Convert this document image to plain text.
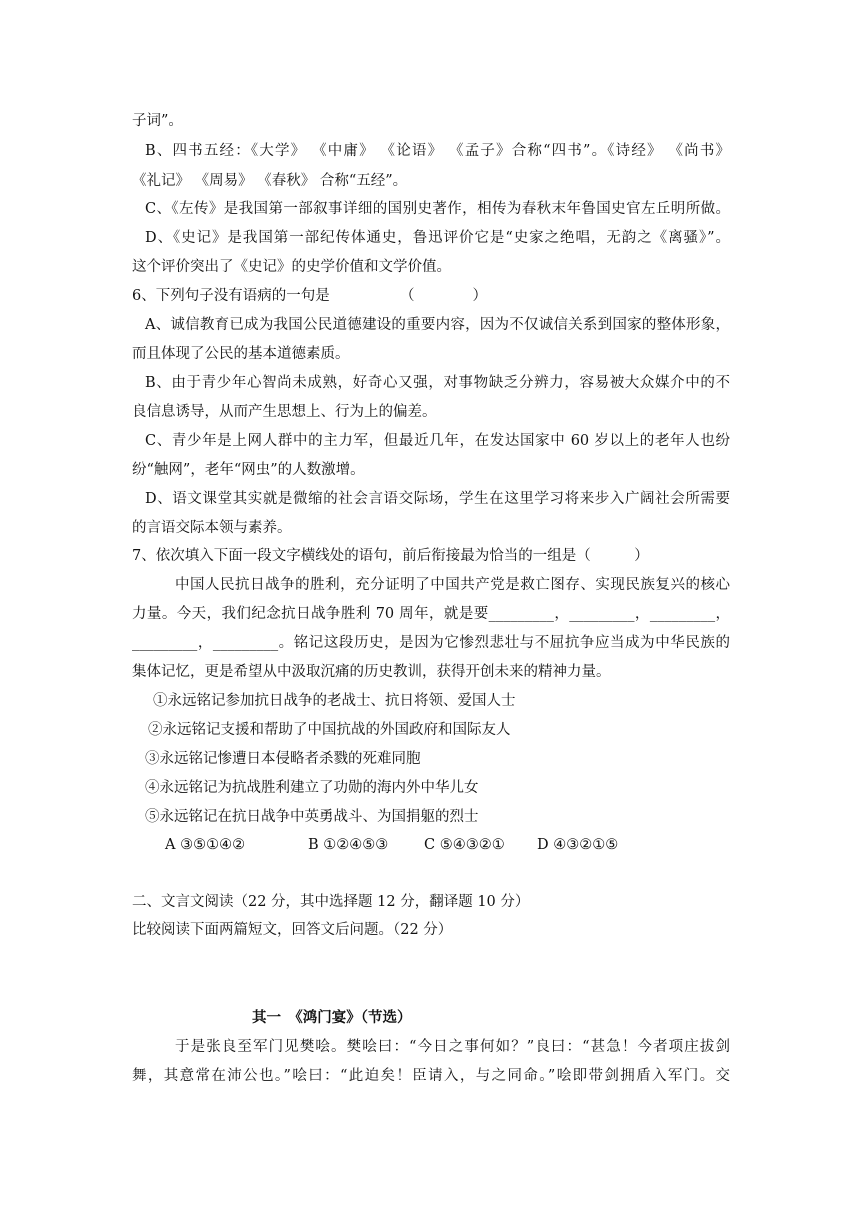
子词”。
B、四书五经：《大学》 《中庸》 《论语》 《孟子》合称“四书”。《诗经》 《尚书》
《礼记》 《周易》 《春秋》 合称“五经”。
C、《左传》是我国第一部叙事详细的国别史著作，相传为春秋末年鲁国史官左丘明所做。
D、《史记》是我国第一部纪传体通史，鲁迅评价它是“史家之绝唱，无韵之《离骚》”。
这个评价突出了《史记》的史学价值和文学价值。
6、下列句子没有语病的一句是	（　　　　）
A、诚信教育已成为我国公民道德建设的重要内容，因为不仅诚信关系到国家的整体形象，
而且体现了公民的基本道德素质。
B、由于青少年心智尚未成熟，好奇心又强，对事物缺乏分辨力，容易被大众媒介中的不
良信息诱导，从而产生思想上、行为上的偏差。
C、青少年是上网人群中的主力军，但最近几年，在发达国家中 60 岁以上的老年人也纷
纷“触网”，老年“网虫”的人数激增。
D、语文课堂其实就是微缩的社会言语交际场，学生在这里学习将来步入广阔社会所需要
的言语交际本领与素养。
7、依次填入下面一段文字横线处的语句，前后衔接最为恰当的一组是（　　　）
中国人民抗日战争的胜利，充分证明了中国共产党是救亡图存、实现民族复兴的核心
力量。今天，我们纪念抗日战争胜利 70 周年，就是要_________，_________，_________，
_________，_________。铭记这段历史，是因为它惨烈悲壮与不屈抗争应当成为中华民族的
集体记忆，更是希望从中汲取沉痛的历史教训，获得开创未来的精神力量。
①永远铭记参加抗日战争的老战士、抗日将领、爱国人士
②永远铭记支援和帮助了中国抗战的外国政府和国际友人
③永远铭记惨遭日本侵略者杀戮的死难同胞
④永远铭记为抗战胜利建立了功勋的海内外中华儿女
⑤永远铭记在抗日战争中英勇战斗、为国捐躯的烈士
A ③⑤①④②	B ①②④⑤③ C ⑤④③②① D ④③②①⑤
二、文言文阅读（22 分，其中选择题 12 分，翻译题 10 分）
比较阅读下面两篇短文，回答文后问题。（22 分）
其一　《鸿门宴》（节选）
于是张良至军门见樊哙。樊哙曰：“今日之事何如？”良曰：“甚急！今者项庄拔剑
舞，其意常在沛公也。”哙曰：“此迫矣！臣请入，与之同命。”哙即带剑拥盾入军门。交
